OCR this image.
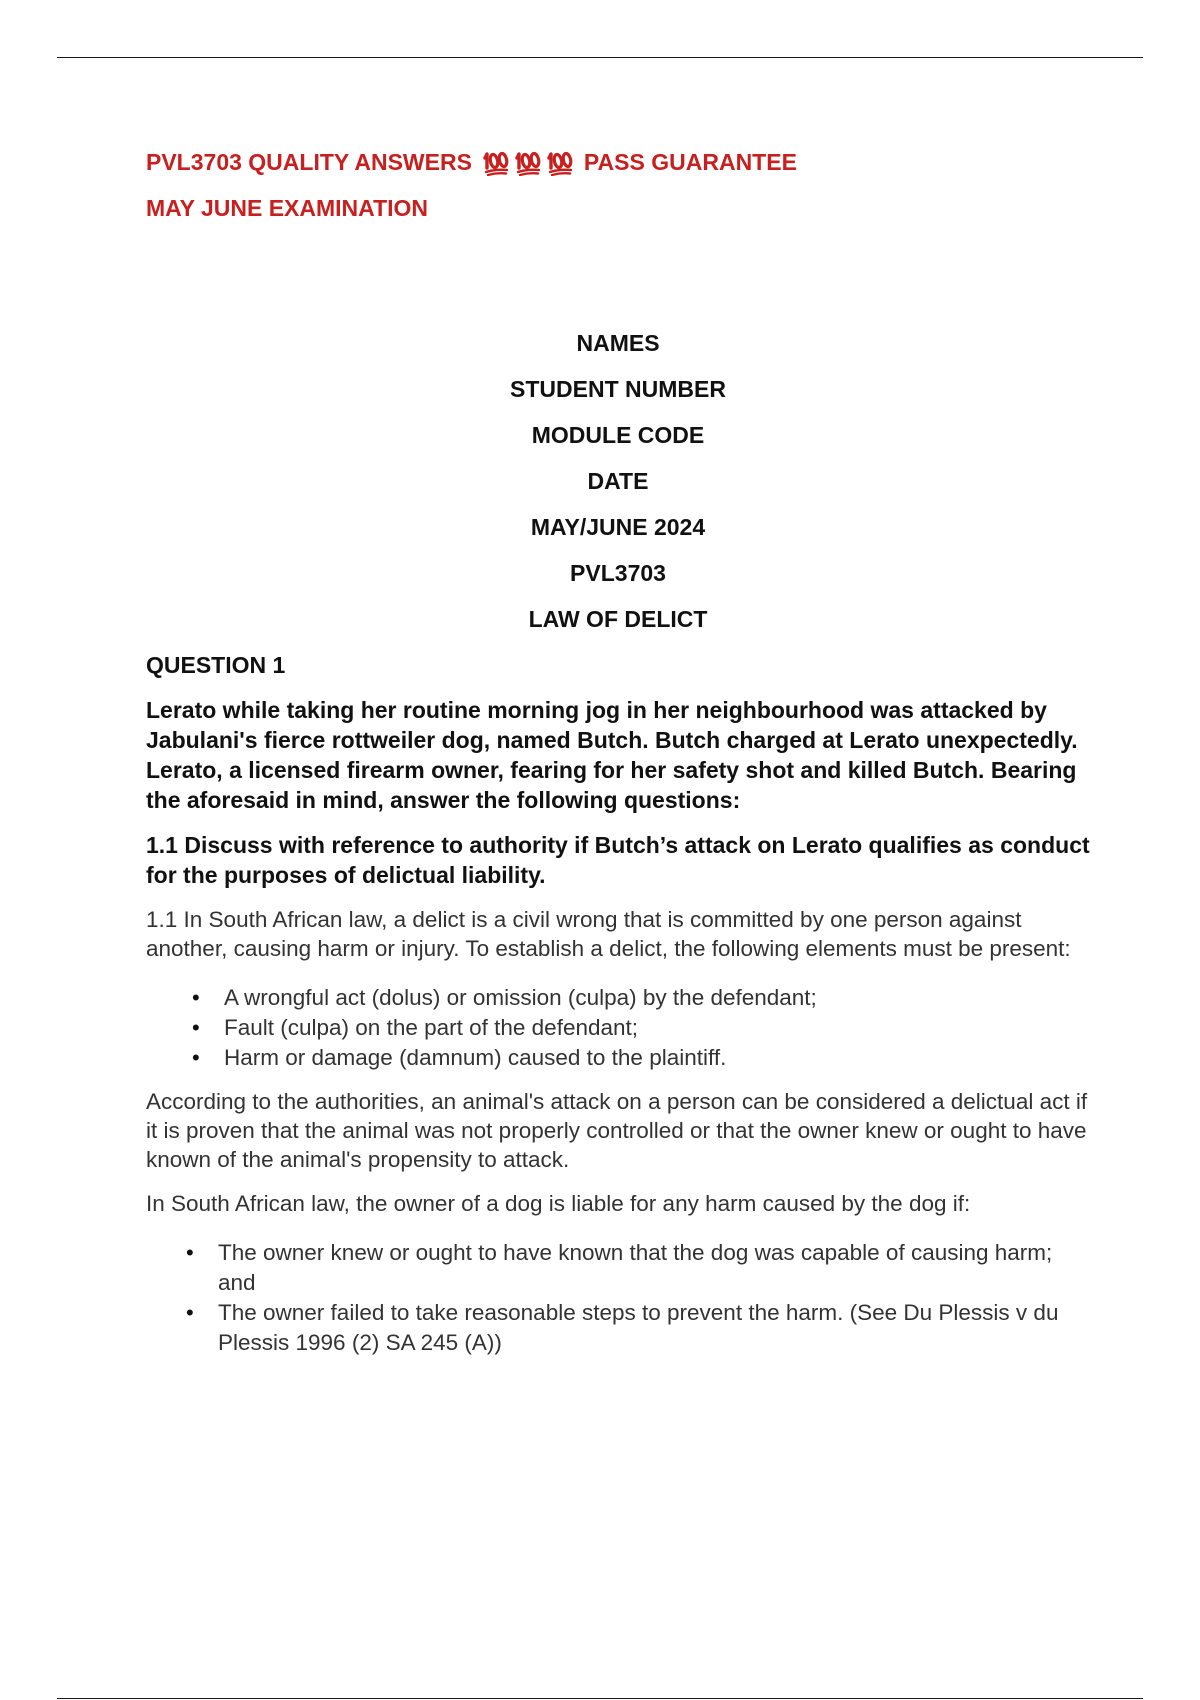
PVL3703 QUALITY ANSWERS	PASS GUARANTEE
MAY JUNE EXAMINATION
NAMES
STUDENT NUMBER
MODULE CODE
DATE
MAY/JUNE 2024
PVL3703
LAW OF DELICT
QUESTION 1
Lerato while taking her routine morning jog in her neighbourhood was attacked by Jabulani's fierce rottweiler dog, named Butch. Butch charged at Lerato unexpectedly. Lerato, a licensed firearm owner, fearing for her safety shot and killed Butch. Bearing the aforesaid in mind, answer the following questions:
1.1 Discuss with reference to authority if Butch’s attack on Lerato qualifies as conduct for the purposes of delictual liability.
1.1 In South African law, a delict is a civil wrong that is committed by one person against another, causing harm or injury. To establish a delict, the following elements must be present:
• A wrongful act (dolus) or omission (culpa) by the defendant;
• Fault (culpa) on the part of the defendant;
• Harm or damage (damnum) caused to the plaintiff.
According to the authorities, an animal's attack on a person can be considered a delictual act if it is proven that the animal was not properly controlled or that the owner knew or ought to have known of the animal's propensity to attack.
In South African law, the owner of a dog is liable for any harm caused by the dog if:
• The owner knew or ought to have known that the dog was capable of causing harm; and
• The owner failed to take reasonable steps to prevent the harm. (See Du Plessis v du Plessis 1996 (2) SA 245 (A))
